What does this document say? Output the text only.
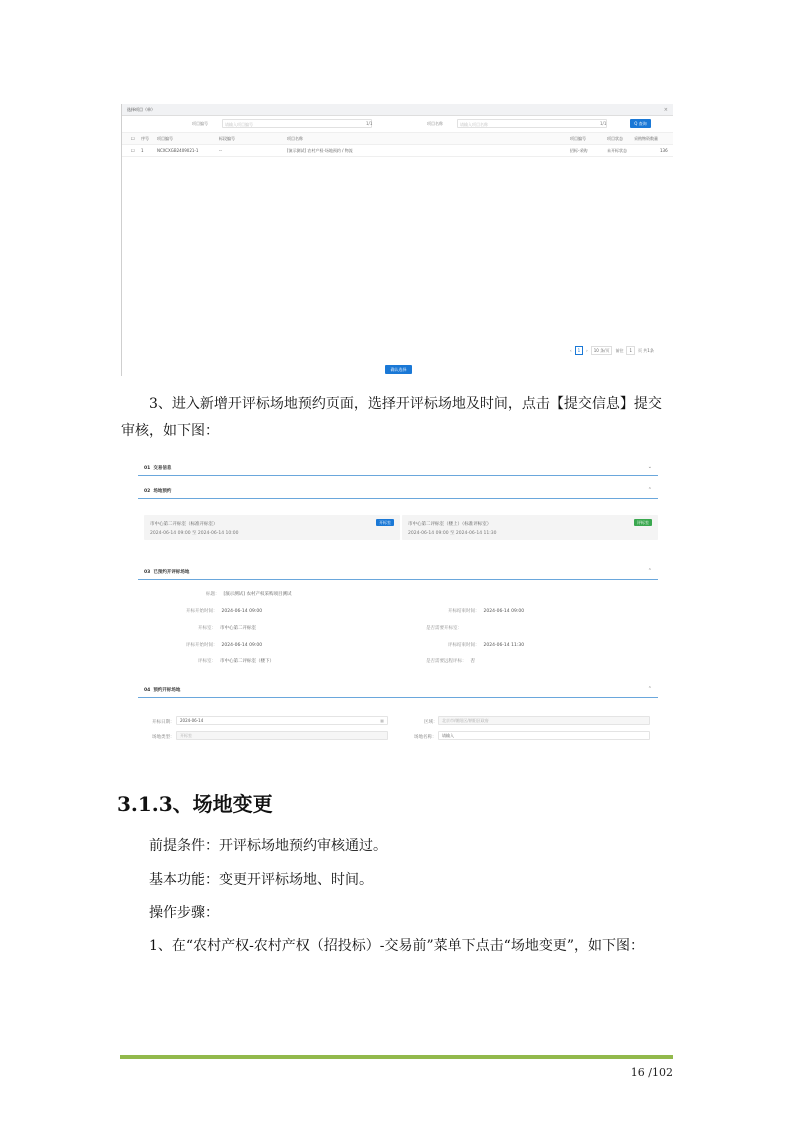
选择项目（单）	×
项目编号	请输入项目编号	1/1	项目名称	请输入项目名称	1/1	Q 查询
☐ 序号 项目编号	标段编号	项目名称	项目编号	项目状态	采购物资数量
☐ 1	NCXCXGB2409021-1	--	[演示测试] 农村产权-场地预约 / 物流	招标-采购	未开标状态	136
‹	1	›	10 条/页	前往	1	页 共1条
确认选择
3、进入新增开评标场地预约页面，选择开评标场地及时间，点击【提交信息】提交审核，如下图：
01 交易信息	⌄
02 场地预约	⌃
市中心第二开标室（标准开标室）
2024-06-14 09:00 至 2024-06-14 10:00
开标室	市中心第二评标室（楼上）（标准评标室）
2024-06-14 09:00 至 2024-06-14 11:30
评标室
03 已预约开评标场地	⌃
标题： [演示测试] 农村产权采购项目测试
开标开始时间： 2024-06-14 09:00	开标结束时间： 2024-06-14 09:00
开标室： 市中心第二开标室	是否需要开标室：
评标开始时间： 2024-06-14 09:00	评标结束时间： 2024-06-14 11:30
评标室： 市中心第二评标室（楼下）	是否需要远程评标： 否
04 预约开标场地	⌃
开标日期：	2024-06-14	▦	区域：	北京市/朝阳区/朝阳区政府
场地类型：	开标室	场地名称：	请输入
3.1.3、场地变更
前提条件：开评标场地预约审核通过。
基本功能：变更开评标场地、时间。
操作步骤：
1、在“农村产权-农村产权（招投标）-交易前”菜单下点击“场地变更”，如下图：
16 /102
